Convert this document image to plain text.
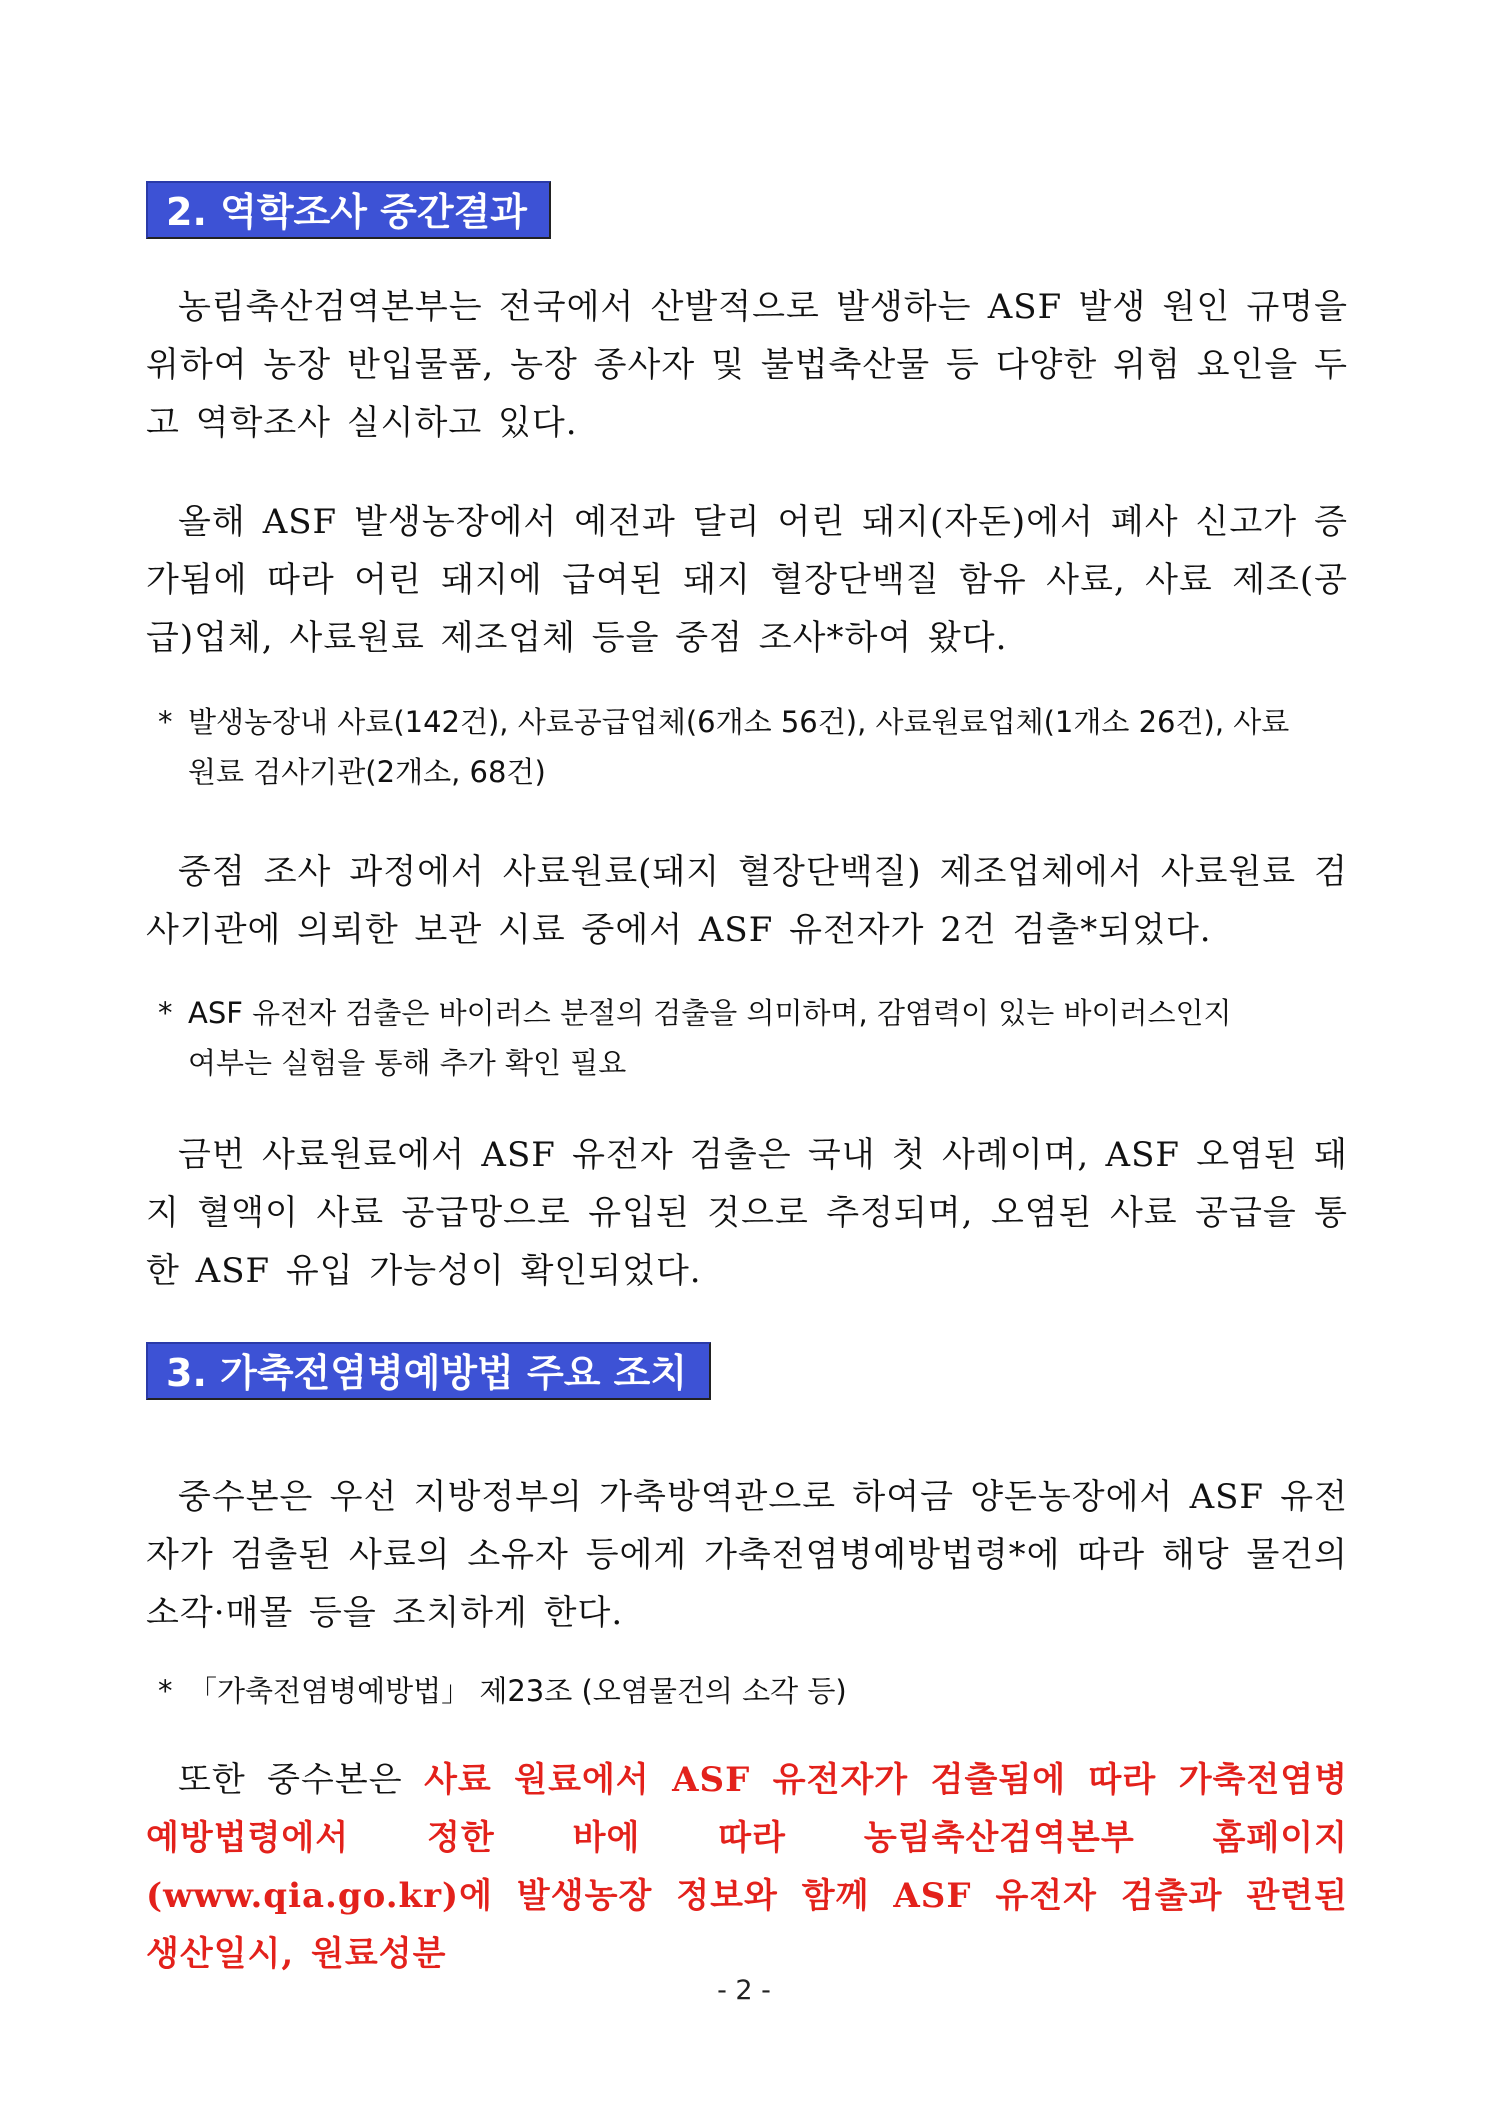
2. 역학조사 중간결과
농림축산검역본부는 전국에서 산발적으로 발생하는 ASF 발생 원인 규명을 위하여 농장 반입물품, 농장 종사자 및 불법축산물 등 다양한 위험 요인을 두고 역학조사 실시하고 있다.
올해 ASF 발생농장에서 예전과 달리 어린 돼지(자돈)에서 폐사 신고가 증가됨에 따라 어린 돼지에 급여된 돼지 혈장단백질 함유 사료, 사료 제조(공급)업체, 사료원료 제조업체 등을 중점 조사*하여 왔다.
* 발생농장내 사료(142건), 사료공급업체(6개소 56건), 사료원료업체(1개소 26건), 사료
원료 검사기관(2개소, 68건)
중점 조사 과정에서 사료원료(돼지 혈장단백질) 제조업체에서 사료원료 검사기관에 의뢰한 보관 시료 중에서 ASF 유전자가 2건 검출*되었다.
* ASF 유전자 검출은 바이러스 분절의 검출을 의미하며, 감염력이 있는 바이러스인지
여부는 실험을 통해 추가 확인 필요
금번 사료원료에서 ASF 유전자 검출은 국내 첫 사례이며, ASF 오염된 돼지 혈액이 사료 공급망으로 유입된 것으로 추정되며, 오염된 사료 공급을 통한 ASF 유입 가능성이 확인되었다.
3. 가축전염병예방법 주요 조치
중수본은 우선 지방정부의 가축방역관으로 하여금 양돈농장에서 ASF 유전자가 검출된 사료의 소유자 등에게 가축전염병예방법령*에 따라 해당 물건의 소각·매몰 등을 조치하게 한다.
* 「가축전염병예방법」 제23조 (오염물건의 소각 등)
또한 중수본은 사료 원료에서 ASF 유전자가 검출됨에 따라 가축전염병 예방법령에서 정한 바에 따라 농림축산검역본부 홈페이지(www.qia.go.kr)에 발생농장 정보와 함께 ASF 유전자 검출과 관련된 생산일시, 원료성분
- 2 -
